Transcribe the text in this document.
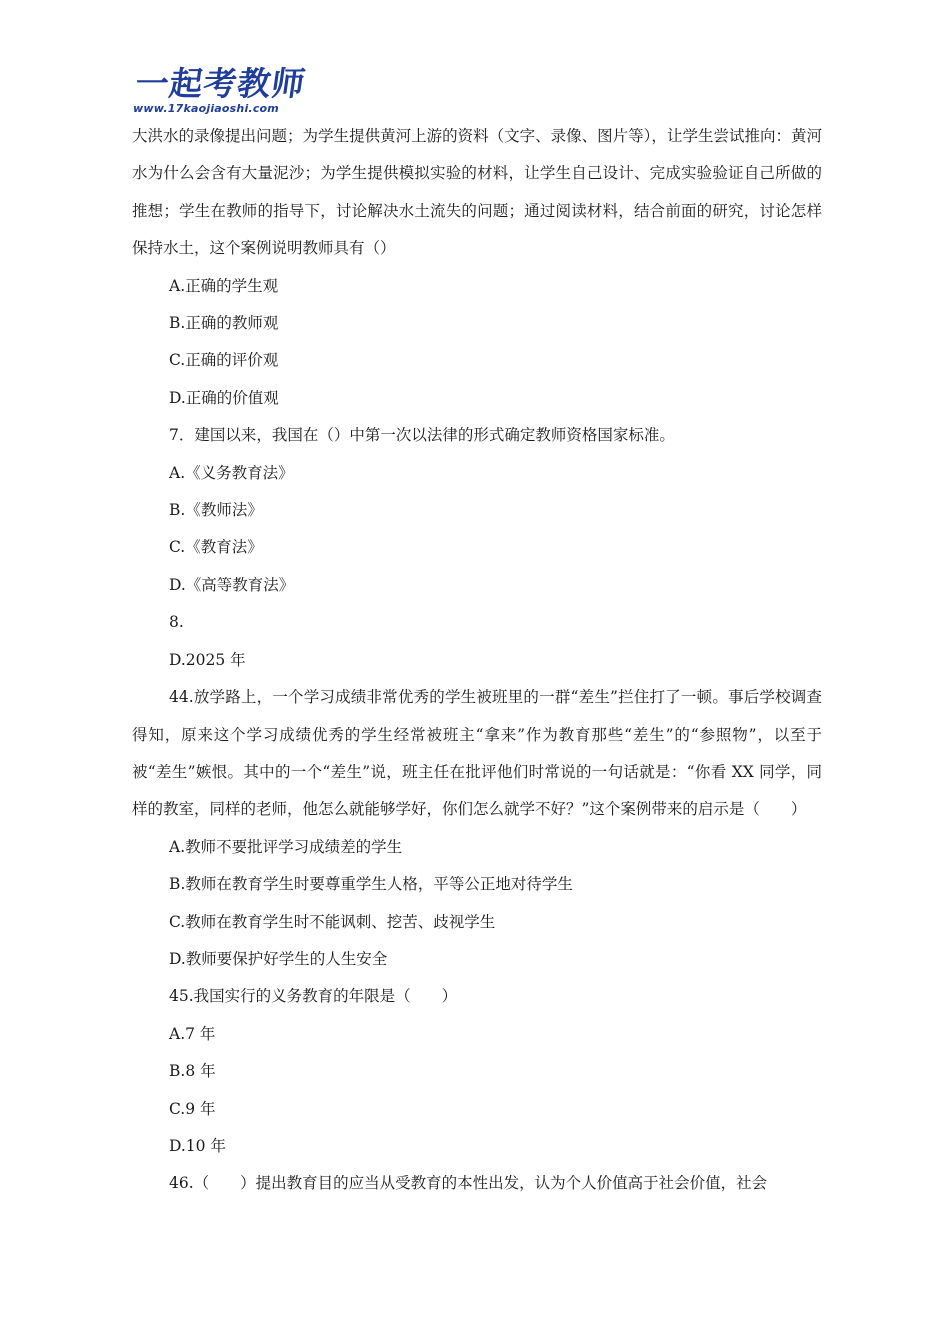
一起考教师
www.17kaojiaoshi.com

大洪水的录像提出问题；为学生提供黄河上游的资料（文字、录像、图片等），让学生尝试推向：黄河水为什么会含有大量泥沙；为学生提供模拟实验的材料，让学生自己设计、完成实验验证自己所做的推想；学生在教师的指导下，讨论解决水土流失的问题；通过阅读材料，结合前面的研究，讨论怎样保持水土，这个案例说明教师具有（）

A.正确的学生观

B.正确的教师观

C.正确的评价观

D.正确的价值观

7．建国以来，我国在（）中第一次以法律的形式确定教师资格国家标准。

A.《义务教育法》

B.《教师法》

C.《教育法》

D.《高等教育法》

8.

D.2025 年

44.放学路上，一个学习成绩非常优秀的学生被班里的一群“差生”拦住打了一顿。事后学校调查得知，原来这个学习成绩优秀的学生经常被班主“拿来”作为教育那些“差生”的“参照物”，以至于被“差生”嫉恨。其中的一个“差生”说，班主任在批评他们时常说的一句话就是：“你看 XX 同学，同样的教室，同样的老师，他怎么就能够学好，你们怎么就学不好？”这个案例带来的启示是（　　）

A.教师不要批评学习成绩差的学生

B.教师在教育学生时要尊重学生人格，平等公正地对待学生

C.教师在教育学生时不能讽刺、挖苦、歧视学生

D.教师要保护好学生的人生安全

45.我国实行的义务教育的年限是（　　）

A.7 年

B.8 年

C.9 年

D.10 年

46.（　　）提出教育目的应当从受教育的本性出发，认为个人价值高于社会价值，社会
